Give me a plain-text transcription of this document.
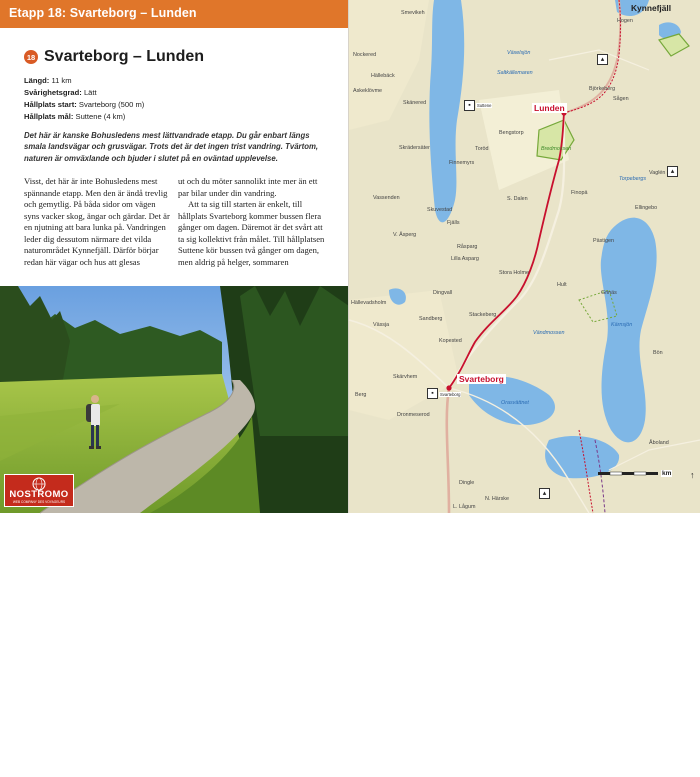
Etapp 18: Svarteborg – Lunden
18 Svarteborg – Lunden
Längd: 11 km
Svårighetsgrad: Lätt
Hållplats start: Svarteborg (500 m)
Hållplats mål: Suttene (4 km)
Det här är kanske Bohusledens mest lättvandrade etapp. Du går enbart längs smala landsvägar och grusvägar. Trots det är det ingen trist vandring. Tvärtom, naturen är omväxlande och bjuder i slutet på en oväntad upplevelse.

Visst, det här är inte Bohusledens mest spännande etapp. Men den är ändå trevlig och gemytlig. På båda sidor om vägen syns vacker skog, ängar och gärdar. Det är en njutning att bara lunka på. Vandringen leder dig dessutom närmare det vilda naturområdet Kynnefjäll. Därför börjar redan här vägar och hus att glesas

ut och du möter sannolikt inte mer än ett par bilar under din vandring.

Att ta sig till starten är enkelt, till hållplats Svarteborg kommer bussen flera gånger om dagen. Däremot är det svårt att ta sig kollektivt från målet. Till hållplatsen Suttene kör bussen två gånger om dagen, men aldrig på helger, sommaren

Sansligt och rofyllt. Varför inte ta cykeln på den här etappen! Hela sträckan är en lättcyklad slät väg med fina omgivningar.
NOSTROMO
WEB COMPANY DES VOYAGEURS
Kynnefjäll
Nockered
Smevikeh
Hogen
Hällebäck
Askeklövme
Växelsjön
Saltkällemaren
Björkeberg
Sågen
Skänered
Bengstorp
Bredmossen
Toröd
Skrädersäter
Vaglén
Finnemyrs
S. Dalen
Finopä
Torpebergs
Ellingebo
Vassenden
Skuvestad
Fjälls
V. Äsperg
Råsparg
Lilla Asparg
Pästigen
Dingvall
Stora Holme
Hult
Hällevadsholm
Vässja
Sandberg
Stackeberg
Kopested
Grinäs
Bön
Skärvhem
Berg
Dronmeserod
Åboland
Dingle
N. Härske
L. Lågum
Orasvättnet
Vändmossen
Kärnsjön
▪	Suttene
▪	Svarteborg
▴
▴
▴
Lunden
Svarteborg
km ↑
